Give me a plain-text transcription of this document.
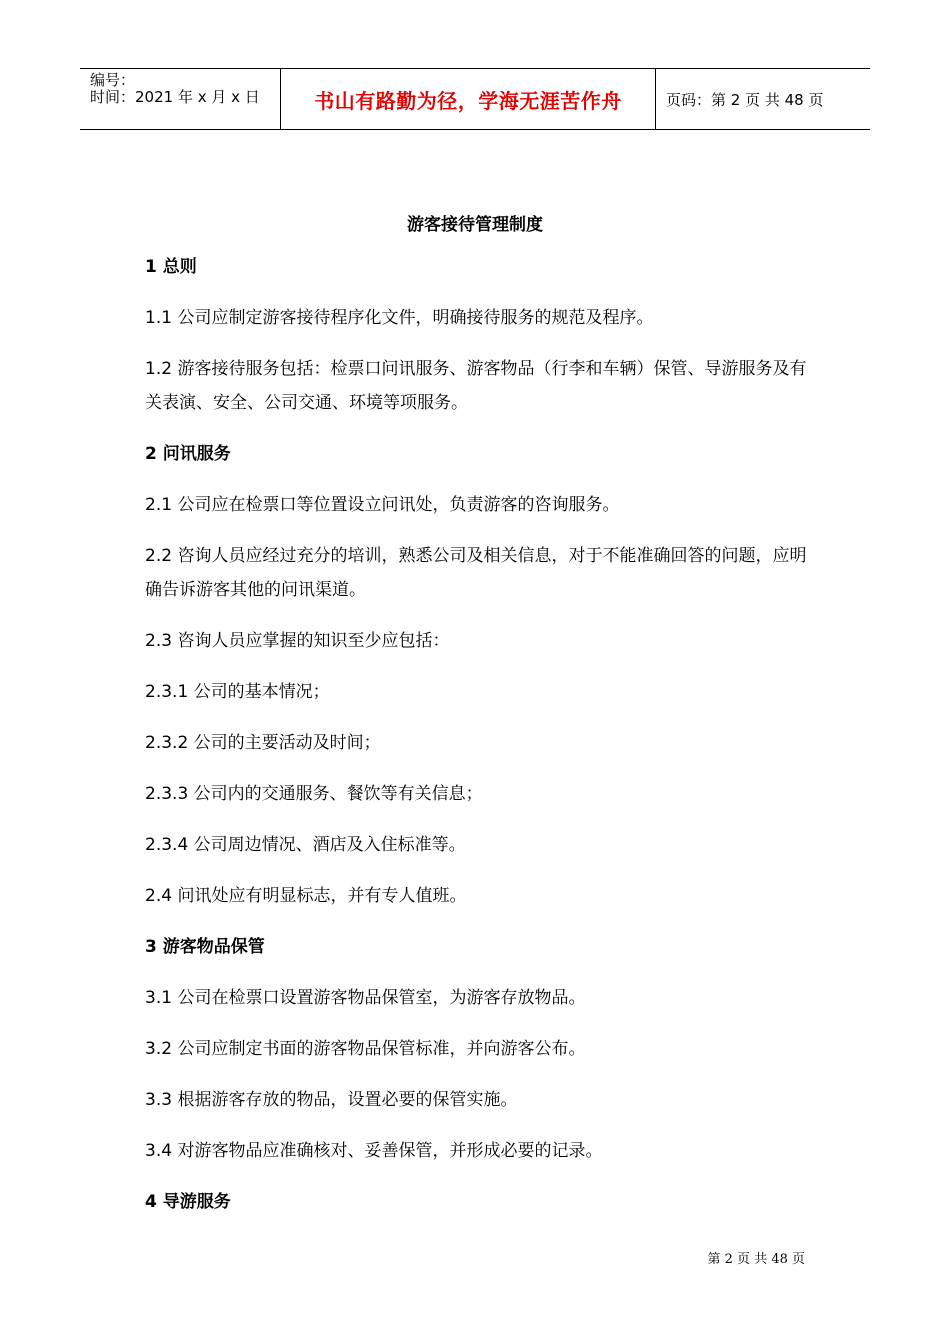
编号：
时间：2021 年 x 月 x 日	书山有路勤为径，学海无涯苦作舟	页码：第 2 页 共 48 页
游客接待管理制度

1 总则

1.1 公司应制定游客接待程序化文件，明确接待服务的规范及程序。

1.2 游客接待服务包括：检票口问讯服务、游客物品（行李和车辆）保管、导游服务及有关表演、安全、公司交通、环境等项服务。

2 问讯服务

2.1 公司应在检票口等位置设立问讯处，负责游客的咨询服务。

2.2 咨询人员应经过充分的培训，熟悉公司及相关信息，对于不能准确回答的问题，应明确告诉游客其他的问讯渠道。

2.3 咨询人员应掌握的知识至少应包括：

2.3.1 公司的基本情况；

2.3.2 公司的主要活动及时间；

2.3.3 公司内的交通服务、餐饮等有关信息；

2.3.4 公司周边情况、酒店及入住标准等。

2.4 问讯处应有明显标志，并有专人值班。

3 游客物品保管

3.1 公司在检票口设置游客物品保管室，为游客存放物品。

3.2 公司应制定书面的游客物品保管标准，并向游客公布。

3.3 根据游客存放的物品，设置必要的保管实施。

3.4 对游客物品应准确核对、妥善保管，并形成必要的记录。

4 导游服务

第 2 页 共 48 页
